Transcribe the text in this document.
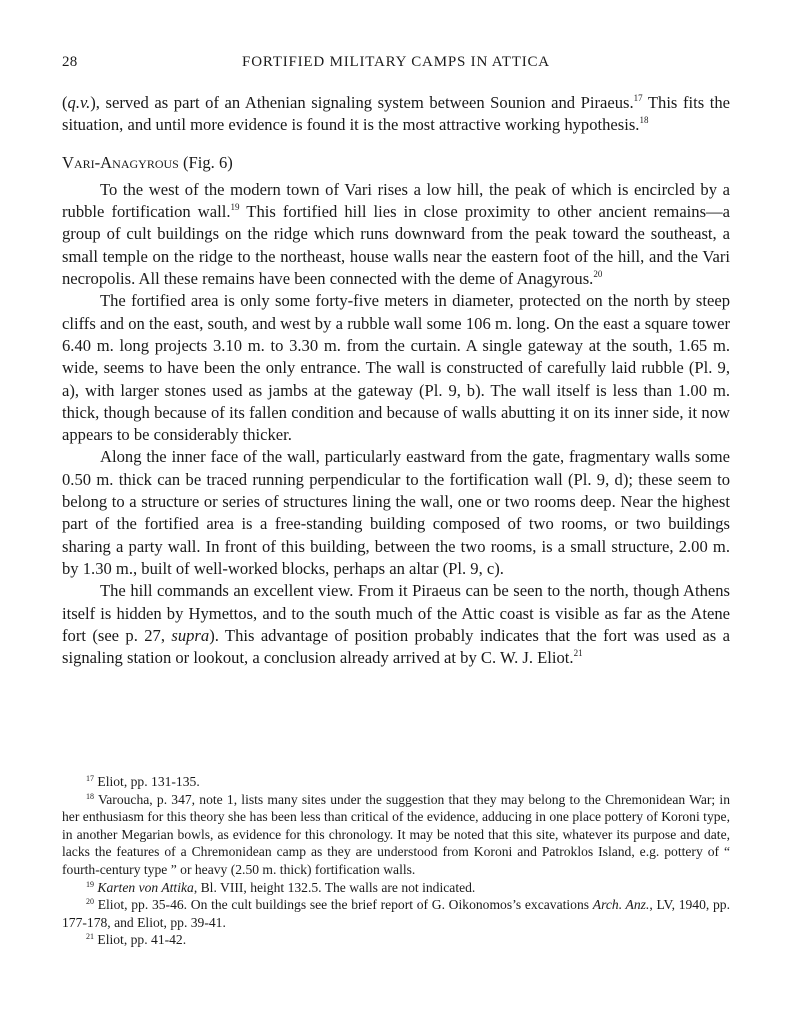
28	FORTIFIED MILITARY CAMPS IN ATTICA

(q.v.), served as part of an Athenian signaling system between Sounion and Piraeus.$^{17}$ This fits the situation, and until more evidence is found it is the most attractive working hypothesis.$^{18}$

Vari-Anagyrous (Fig. 6)

To the west of the modern town of Vari rises a low hill, the peak of which is encircled by a rubble fortification wall.$^{19}$ This fortified hill lies in close proximity to other ancient remains—a group of cult buildings on the ridge which runs downward from the peak toward the southeast, a small temple on the ridge to the northeast, house walls near the eastern foot of the hill, and the Vari necropolis. All these remains have been connected with the deme of Anagyrous.$^{20}$

The fortified area is only some forty-five meters in diameter, protected on the north by steep cliffs and on the east, south, and west by a rubble wall some 106 m. long. On the east a square tower 6.40 m. long projects 3.10 m. to 3.30 m. from the curtain. A single gateway at the south, 1.65 m. wide, seems to have been the only entrance. The wall is constructed of carefully laid rubble (Pl. 9, a), with larger stones used as jambs at the gateway (Pl. 9, b). The wall itself is less than 1.00 m. thick, though because of its fallen condition and because of walls abutting it on its inner side, it now appears to be considerably thicker.

Along the inner face of the wall, particularly eastward from the gate, fragmentary walls some 0.50 m. thick can be traced running perpendicular to the fortification wall (Pl. 9, d); these seem to belong to a structure or series of structures lining the wall, one or two rooms deep. Near the highest part of the fortified area is a free-standing building composed of two rooms, or two buildings sharing a party wall. In front of this building, between the two rooms, is a small structure, 2.00 m. by 1.30 m., built of well-worked blocks, perhaps an altar (Pl. 9, c).

The hill commands an excellent view. From it Piraeus can be seen to the north, though Athens itself is hidden by Hymettos, and to the south much of the Attic coast is visible as far as the Atene fort (see p. 27, supra). This advantage of position probably indicates that the fort was used as a signaling station or lookout, a conclusion already arrived at by C. W. J. Eliot.$^{21}$

$^{17}$ Eliot, pp. 131-135.

$^{18}$ Varoucha, p. 347, note 1, lists many sites under the suggestion that they may belong to the Chremonidean War; in her enthusiasm for this theory she has been less than critical of the evidence, adducing in one place pottery of Koroni type, in another Megarian bowls, as evidence for this chronology. It may be noted that this site, whatever its purpose and date, lacks the features of a Chremonidean camp as they are understood from Koroni and Patroklos Island, e.g. pottery of “ fourth-century type ” or heavy (2.50 m. thick) fortification walls.

$^{19}$ Karten von Attika, Bl. VIII, height 132.5. The walls are not indicated.

$^{20}$ Eliot, pp. 35-46. On the cult buildings see the brief report of G. Oikonomos’s excavations Arch. Anz., LV, 1940, pp. 177-178, and Eliot, pp. 39-41.

$^{21}$ Eliot, pp. 41-42.
